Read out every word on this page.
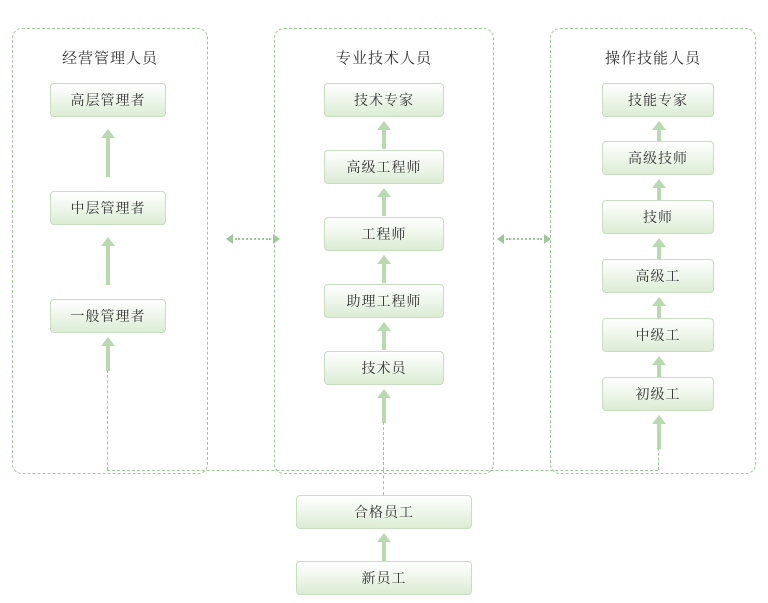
经营管理人员
高层管理者
中层管理者
一般管理者
专业技术人员
技术专家
高级工程师
工程师
助理工程师
技术员
操作技能人员
技能专家
高级技师
技师
高级工
中级工
初级工
合格员工
新员工
